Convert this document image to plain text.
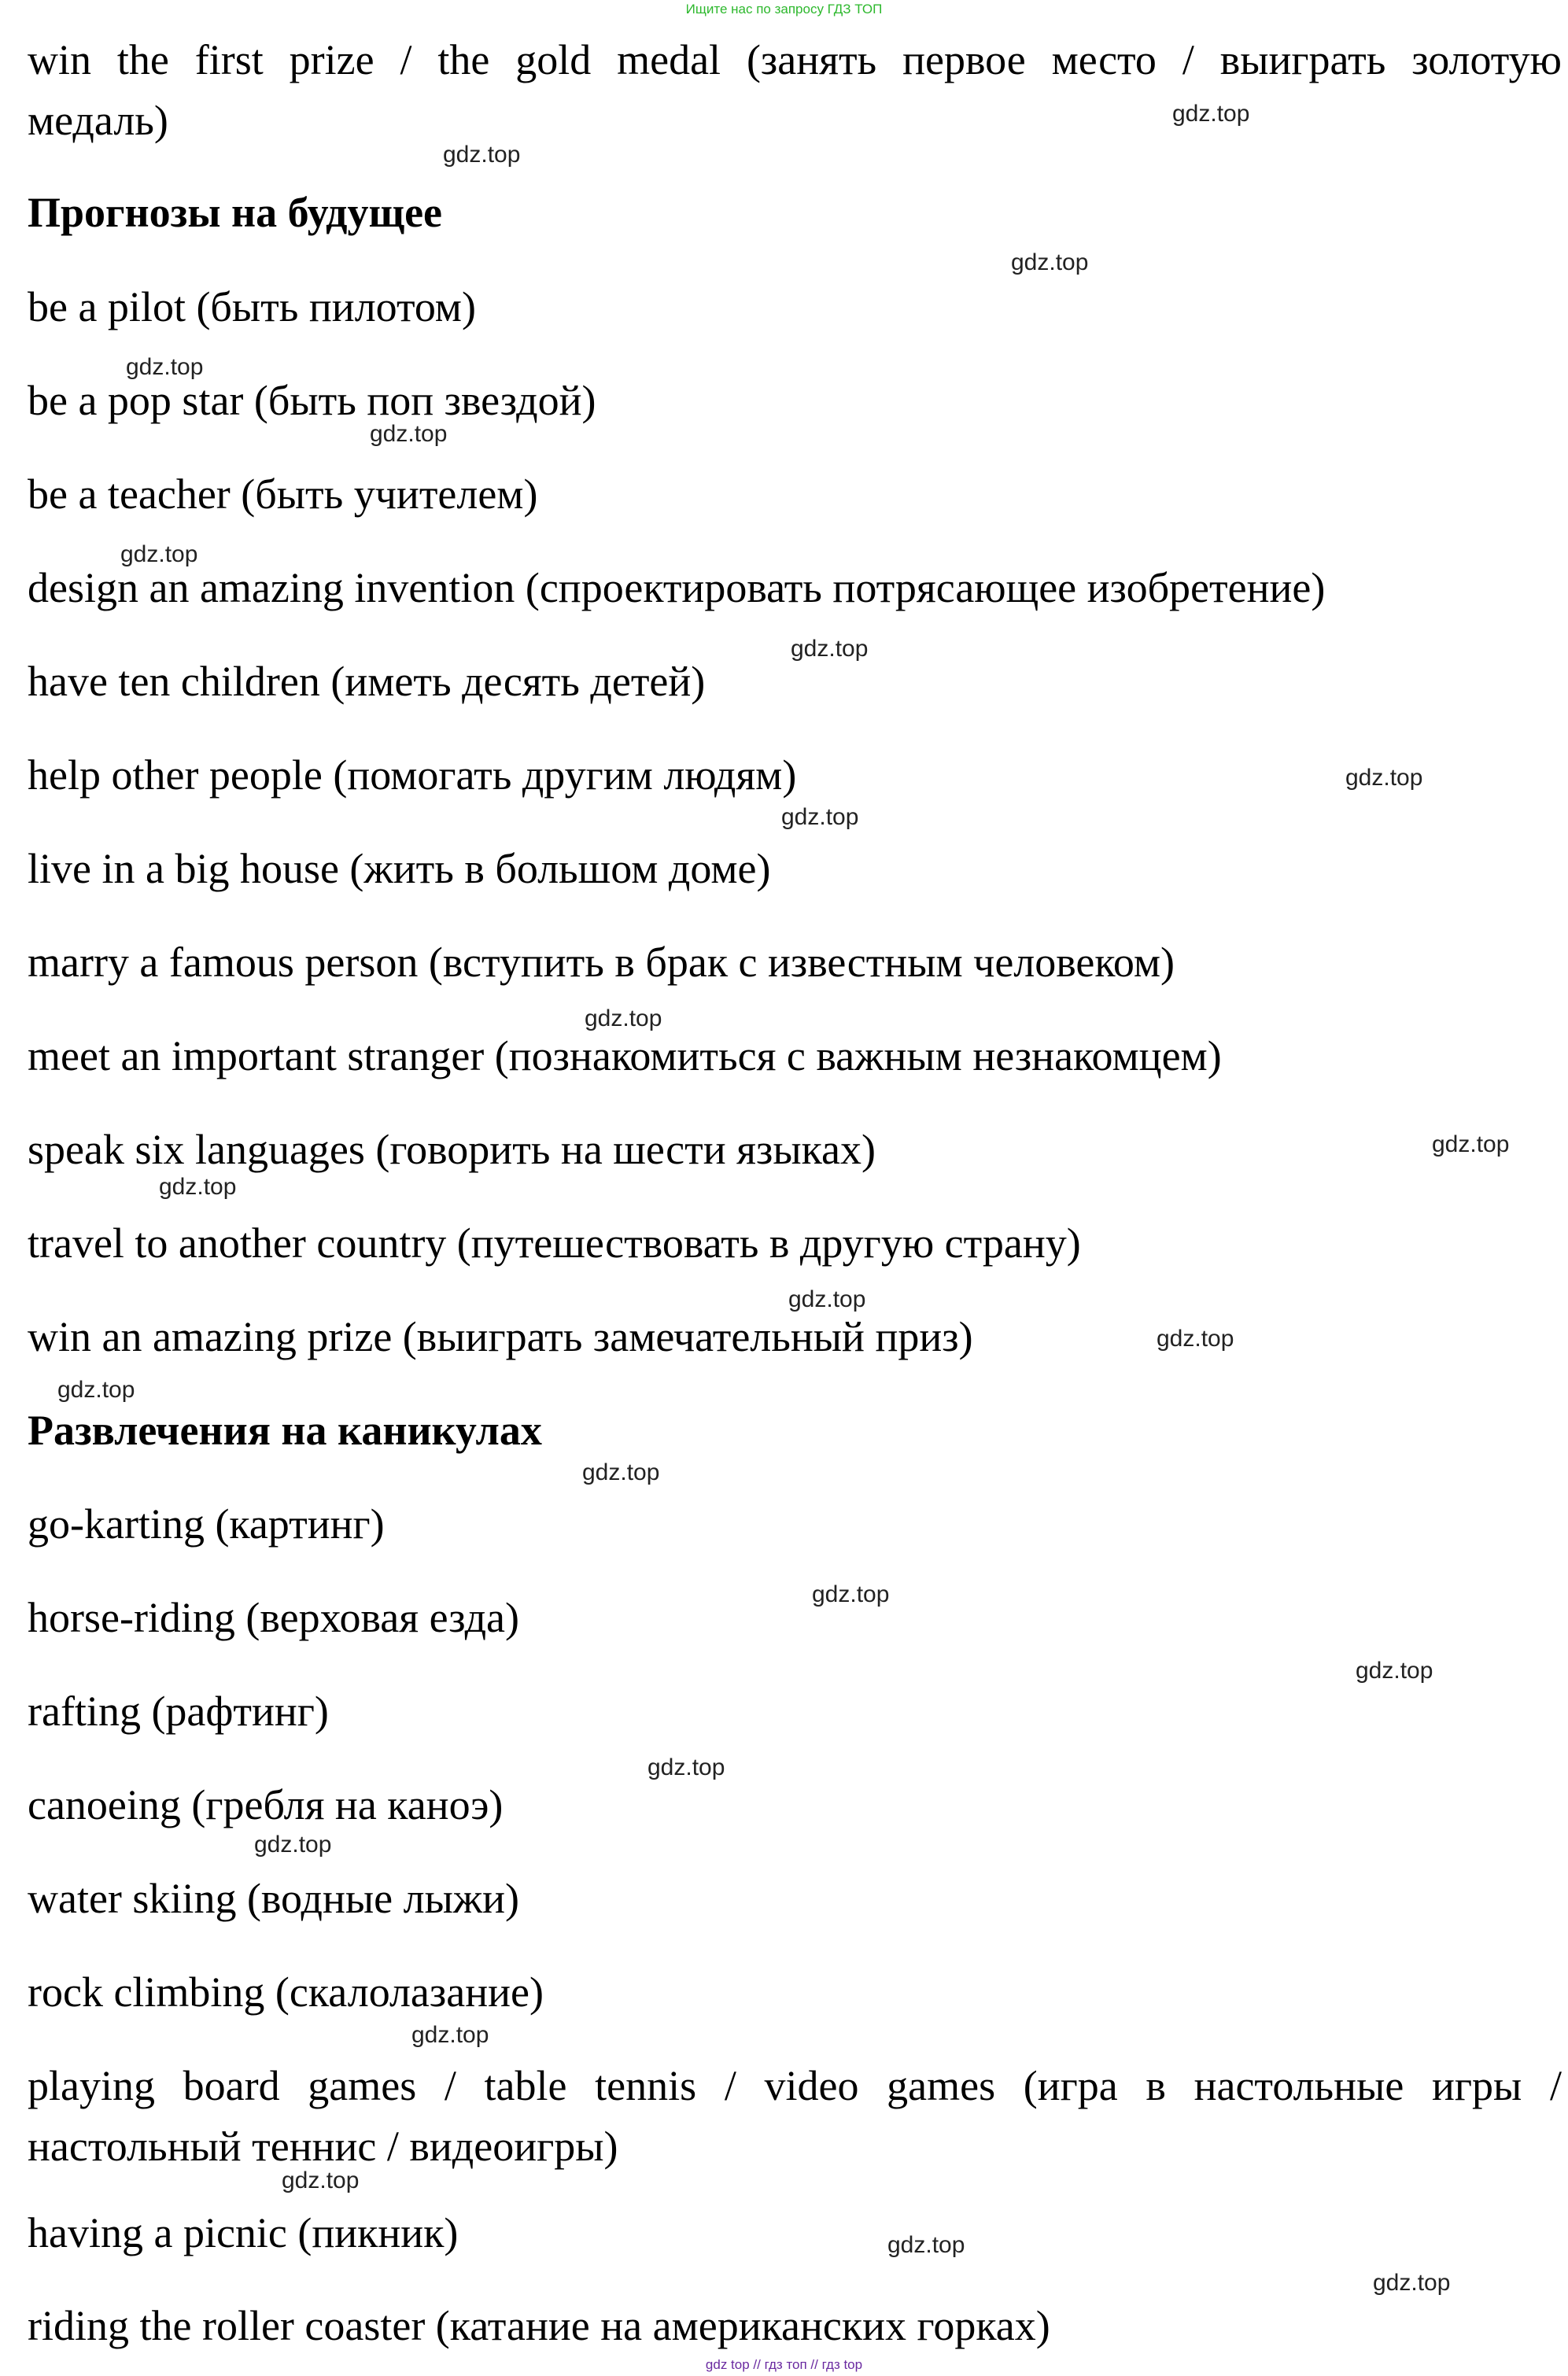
Ищите нас по запросу ГДЗ ТОП
win the first prize / the gold medal (занять первое место / выиграть золотую
медаль)
Прогнозы на будущее
be a pilot (быть пилотом)
be a pop star (быть поп звездой)
be a teacher (быть учителем)
design an amazing invention (спроектировать потрясающее изобретение)
have ten children (иметь десять детей)
help other people (помогать другим людям)
live in a big house (жить в большом доме)
marry a famous person (вступить в брак с известным человеком)
meet an important stranger (познакомиться с важным незнакомцем)
speak six languages (говорить на шести языках)
travel to another country (путешествовать в другую страну)
win an amazing prize (выиграть замечательный приз)
Развлечения на каникулах
go-karting (картинг)
horse-riding (верховая езда)
rafting (рафтинг)
canoeing (гребля на каноэ)
water skiing (водные лыжи)
rock climbing (скалолазание)
playing board games / table tennis / video games (игра в настольные игры /
настольный теннис / видеоигры)
having a picnic (пикник)
riding the roller coaster (катание на американских горках)
gdz.top
gdz.top
gdz.top
gdz.top
gdz.top
gdz.top
gdz.top
gdz.top
gdz.top
gdz.top
gdz.top
gdz.top
gdz.top
gdz.top
gdz.top
gdz.top
gdz.top
gdz.top
gdz.top
gdz.top
gdz.top
gdz.top
gdz.top
gdz.top
gdz top // гдз топ // гдз top
